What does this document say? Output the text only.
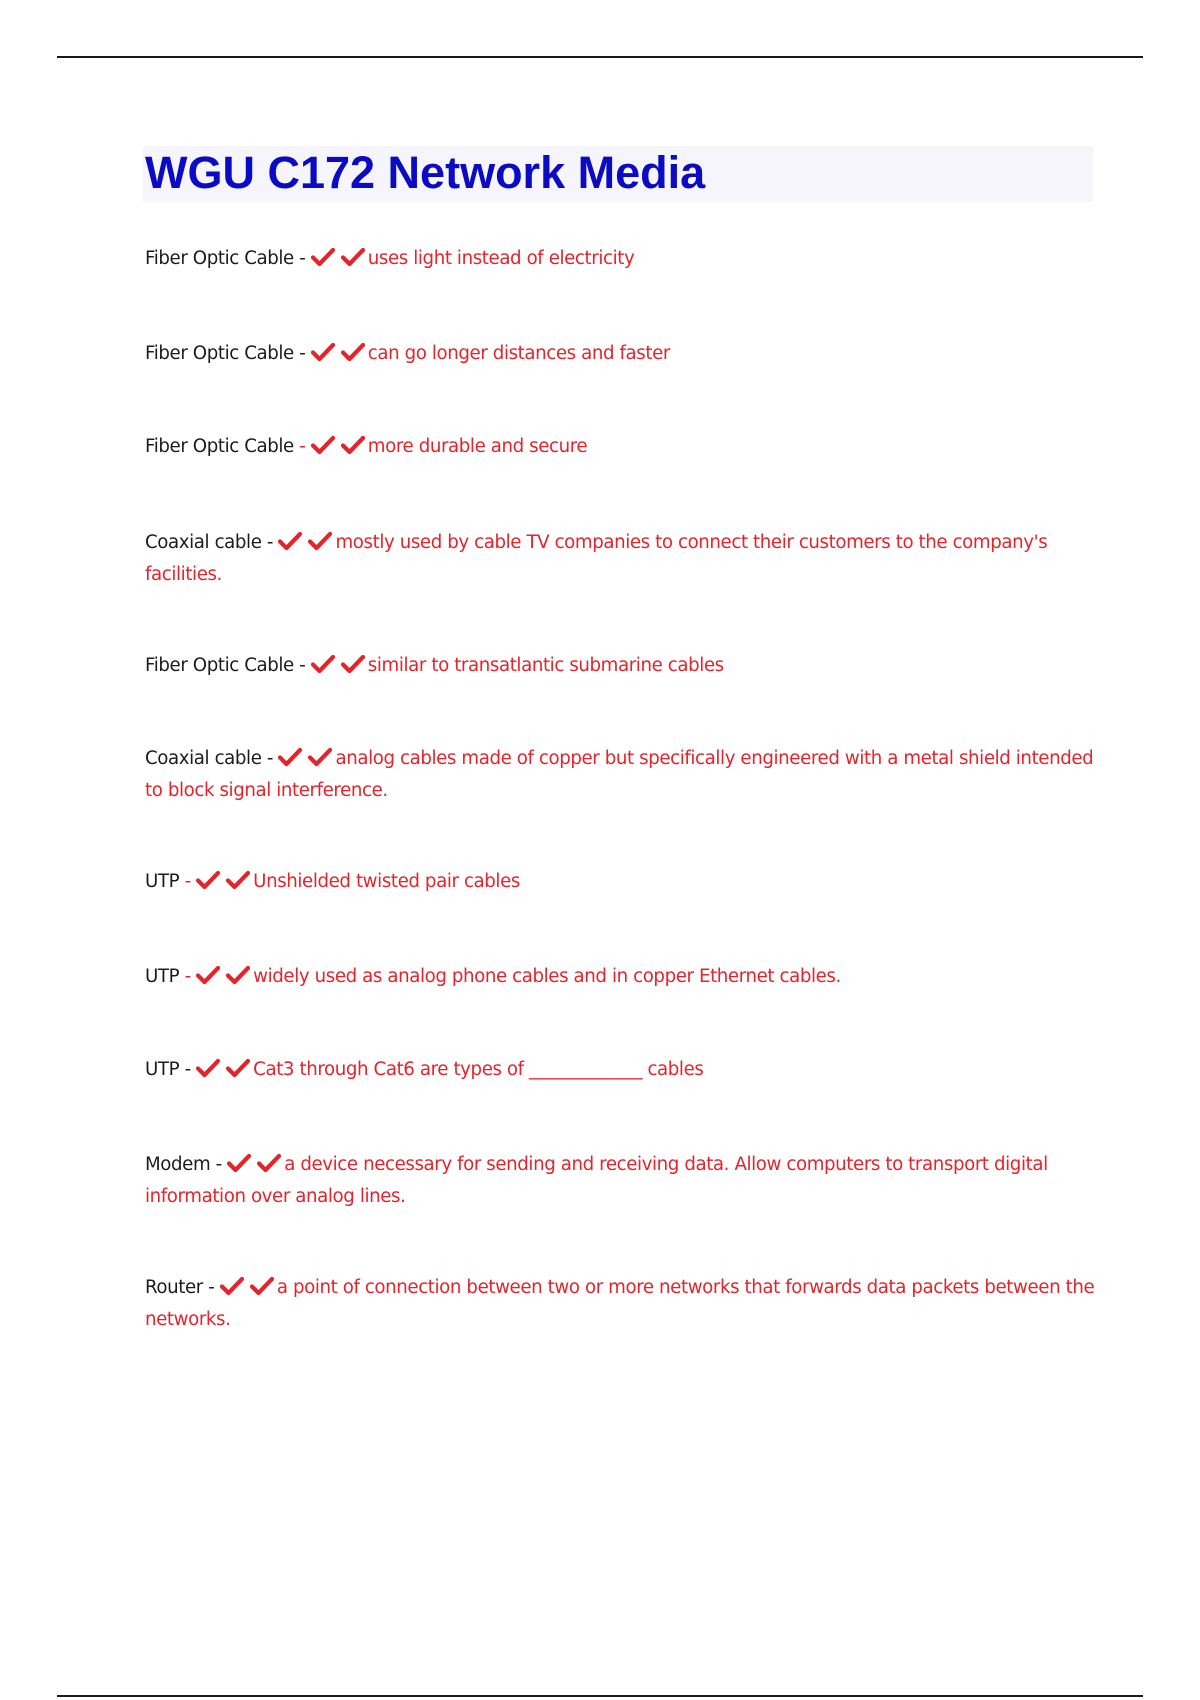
WGU C172 Network Media
Fiber Optic Cable -	uses light instead of electricity
Fiber Optic Cable -	can go longer distances and faster
Fiber Optic Cable -	more durable and secure
Coaxial cable -	mostly used by cable TV companies to connect their customers to the company's facilities.
Fiber Optic Cable -	similar to transatlantic submarine cables
Coaxial cable -	analog cables made of copper but specifically engineered with a metal shield intended to block signal interference.
UTP -	Unshielded twisted pair cables
UTP -	widely used as analog phone cables and in copper Ethernet cables.
UTP -	Cat3 through Cat6 are types of _____________ cables
Modem -	a device necessary for sending and receiving data. Allow computers to transport digital information over analog lines.
Router -	a point of connection between two or more networks that forwards data packets between the networks.
